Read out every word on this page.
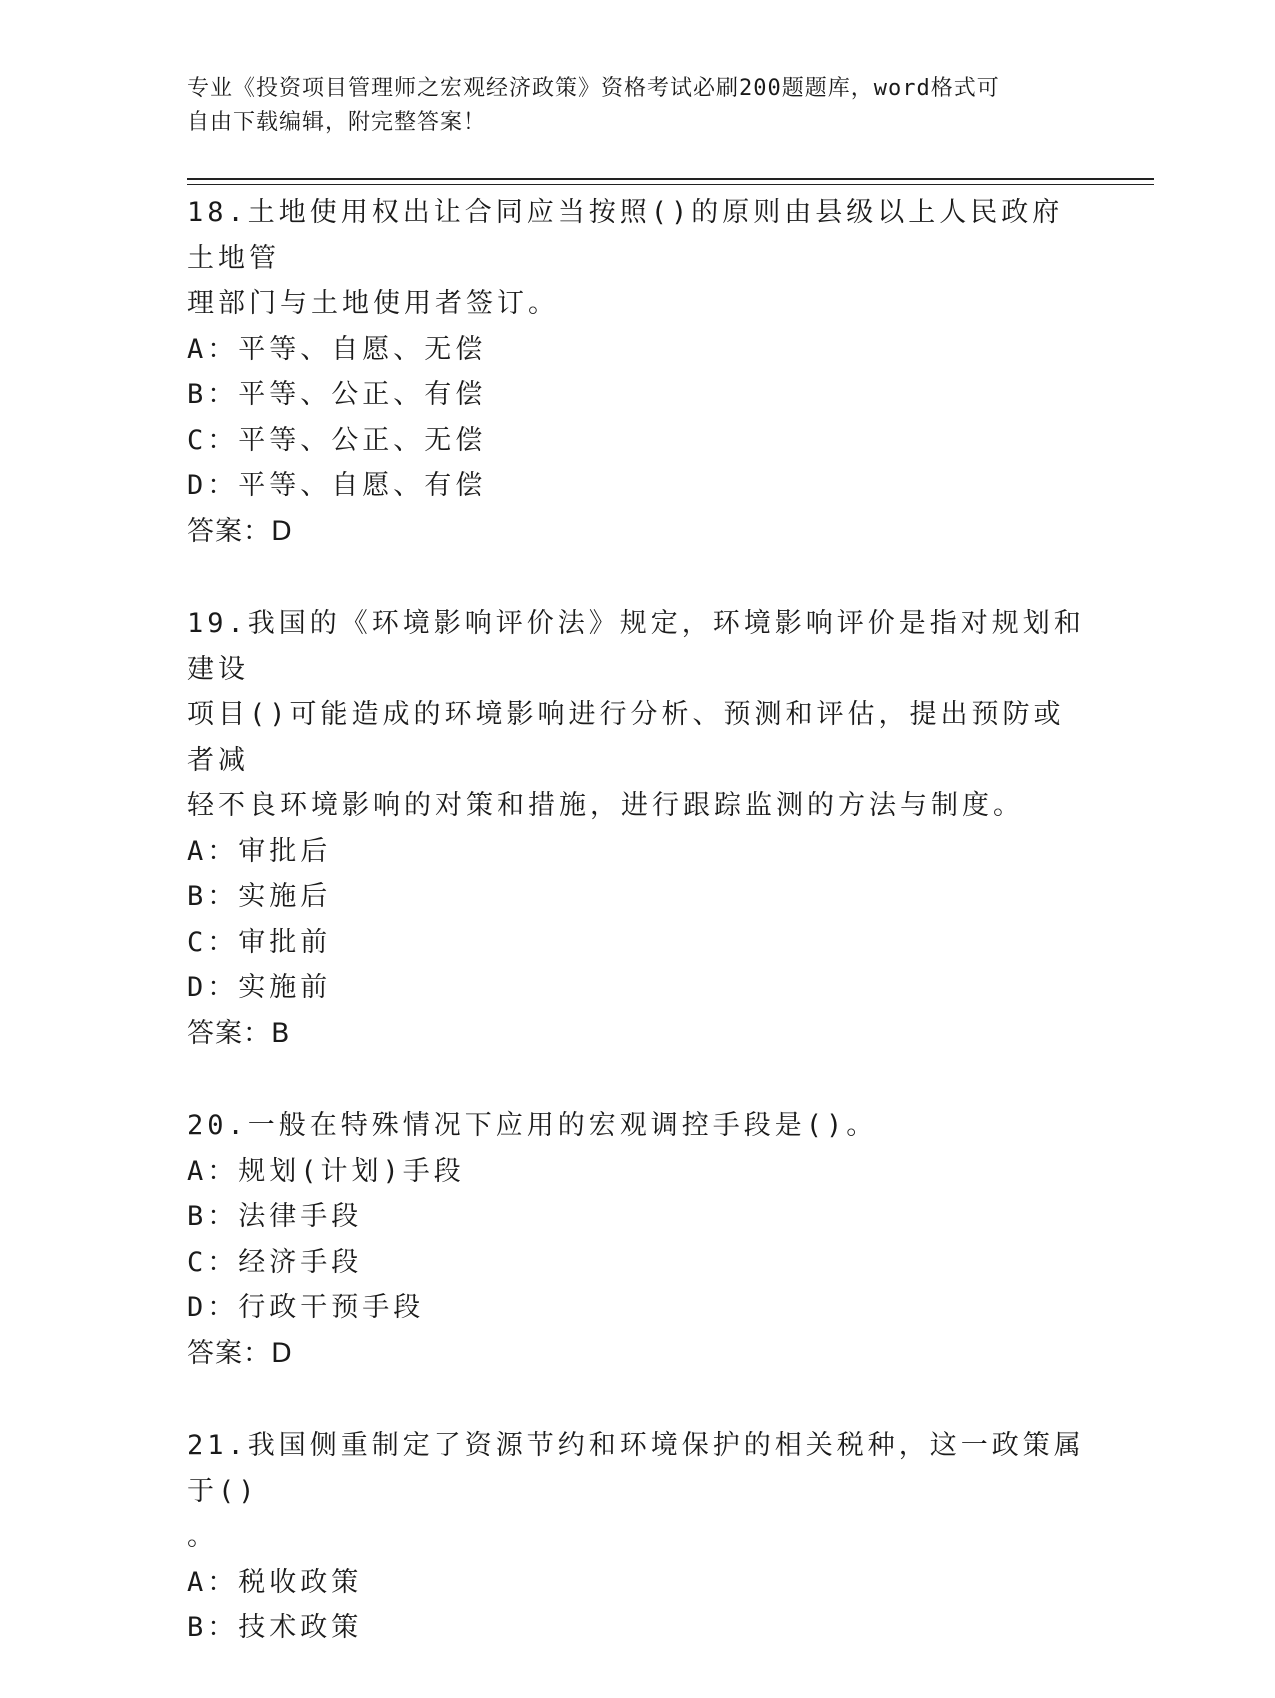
专业《投资项目管理师之宏观经济政策》资格考试必刷200题题库，word格式可
自由下载编辑，附完整答案！
18.土地使用权出让合同应当按照()的原则由县级以上人民政府土地管
理部门与土地使用者签订。
A：平等、自愿、无偿
B：平等、公正、有偿
C：平等、公正、无偿
D：平等、自愿、有偿
答案：D
19.我国的《环境影响评价法》规定，环境影响评价是指对规划和建设
项目()可能造成的环境影响进行分析、预测和评估，提出预防或者减
轻不良环境影响的对策和措施，进行跟踪监测的方法与制度。
A：审批后
B：实施后
C：审批前
D：实施前
答案：B
20.一般在特殊情况下应用的宏观调控手段是()。
A：规划(计划)手段
B：法律手段
C：经济手段
D：行政干预手段
答案：D
21.我国侧重制定了资源节约和环境保护的相关税种，这一政策属于()
。
A：税收政策
B：技术政策
